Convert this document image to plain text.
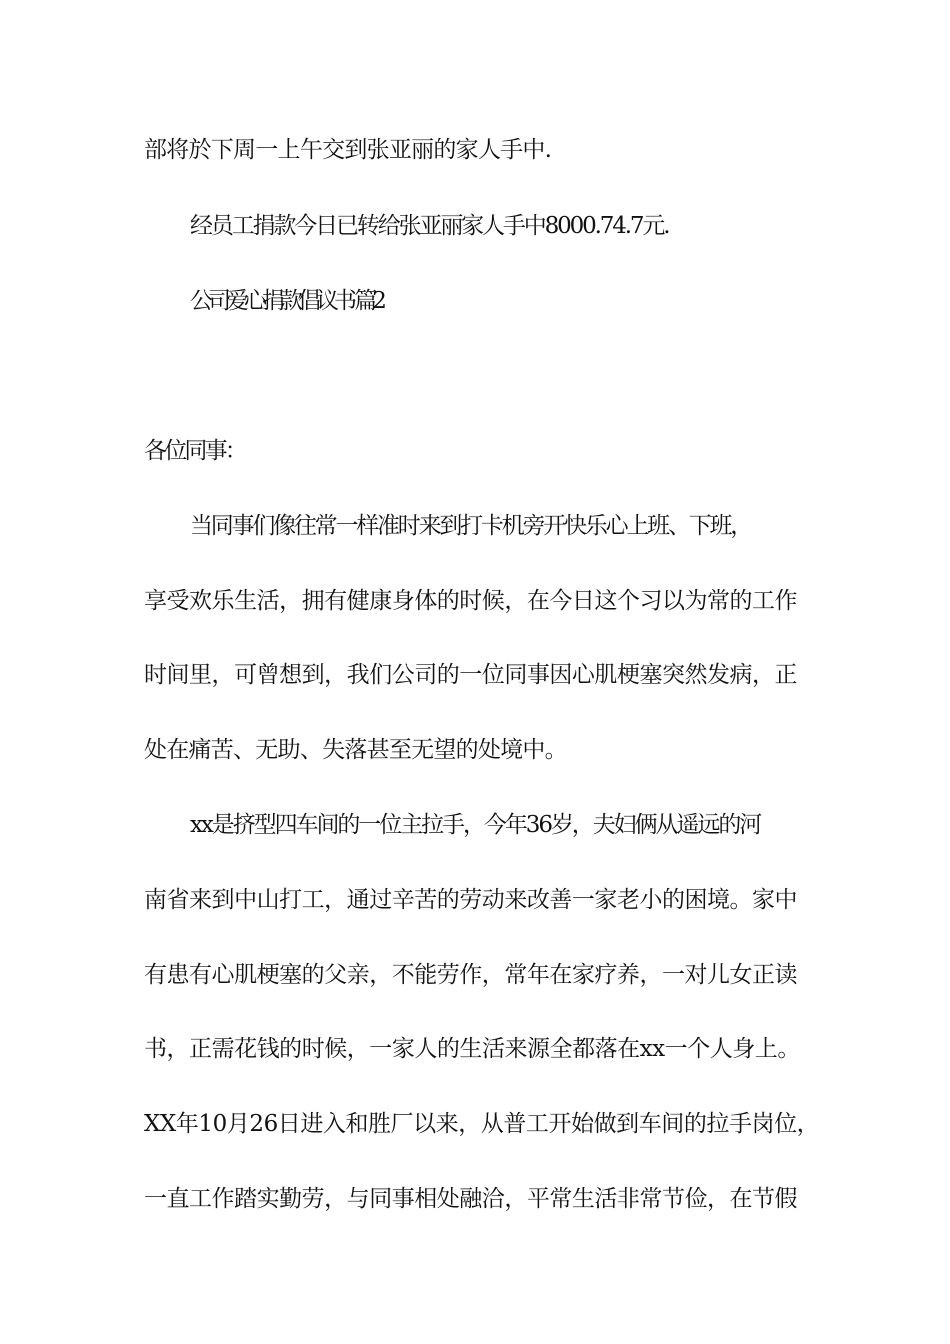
部将於下周一上午交到张亚丽的家人手中.
经员工捐款今日已转给张亚丽家人手中8000.74.7元.
公司爱心捐款倡议书 篇2
各位同事：
当同事们像往常一样准时来到打卡机旁开快乐心上班、下班，
享受欢乐生活，拥有健康身体的时候，在今日这个习以为常的工作
时间里，可曾想到，我们公司的一位同事因心肌梗塞突然发病，正
处在痛苦、无助、失落甚至无望的处境中。
xx是挤型四车间的一位主拉手，今年36岁，夫妇俩从遥远的河
南省来到中山打工，通过辛苦的劳动来改善一家老小的困境。家中
有患有心肌梗塞的父亲，不能劳作，常年在家疗养，一对儿女正读
书，正需花钱的时候，一家人的生活来源全都落在xx一个人身上。
XX年10月26日进入和胜厂以来，从普工开始做到车间的拉手岗位，
一直工作踏实勤劳，与同事相处融洽，平常生活非常节俭，在节假
